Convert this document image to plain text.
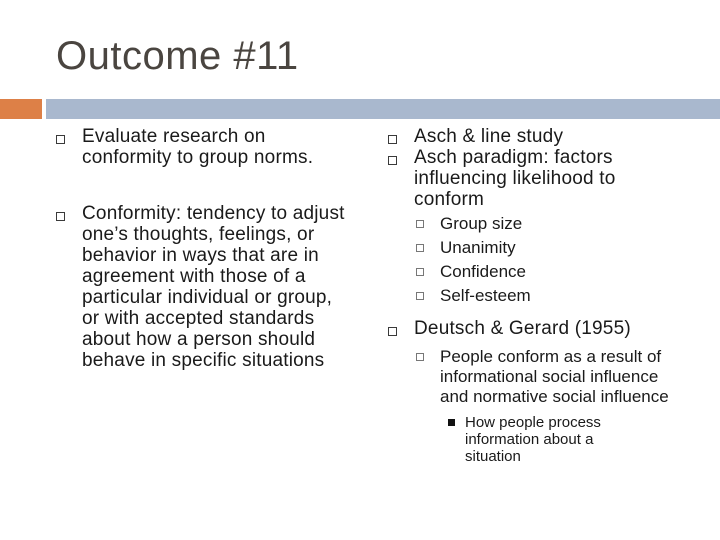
Outcome #11
Evaluate research on conformity to group norms.
Conformity: tendency to adjust one’s thoughts, feelings, or behavior in ways that are in agreement with those of a particular individual or group, or with accepted standards about how a person should behave in specific situations
Asch & line study
Asch paradigm: factors influencing likelihood to conform
Group size
Unanimity
Confidence
Self-esteem
Deutsch & Gerard (1955)
People conform as a result of informational social influence and normative social influence
How people process information about a situation
